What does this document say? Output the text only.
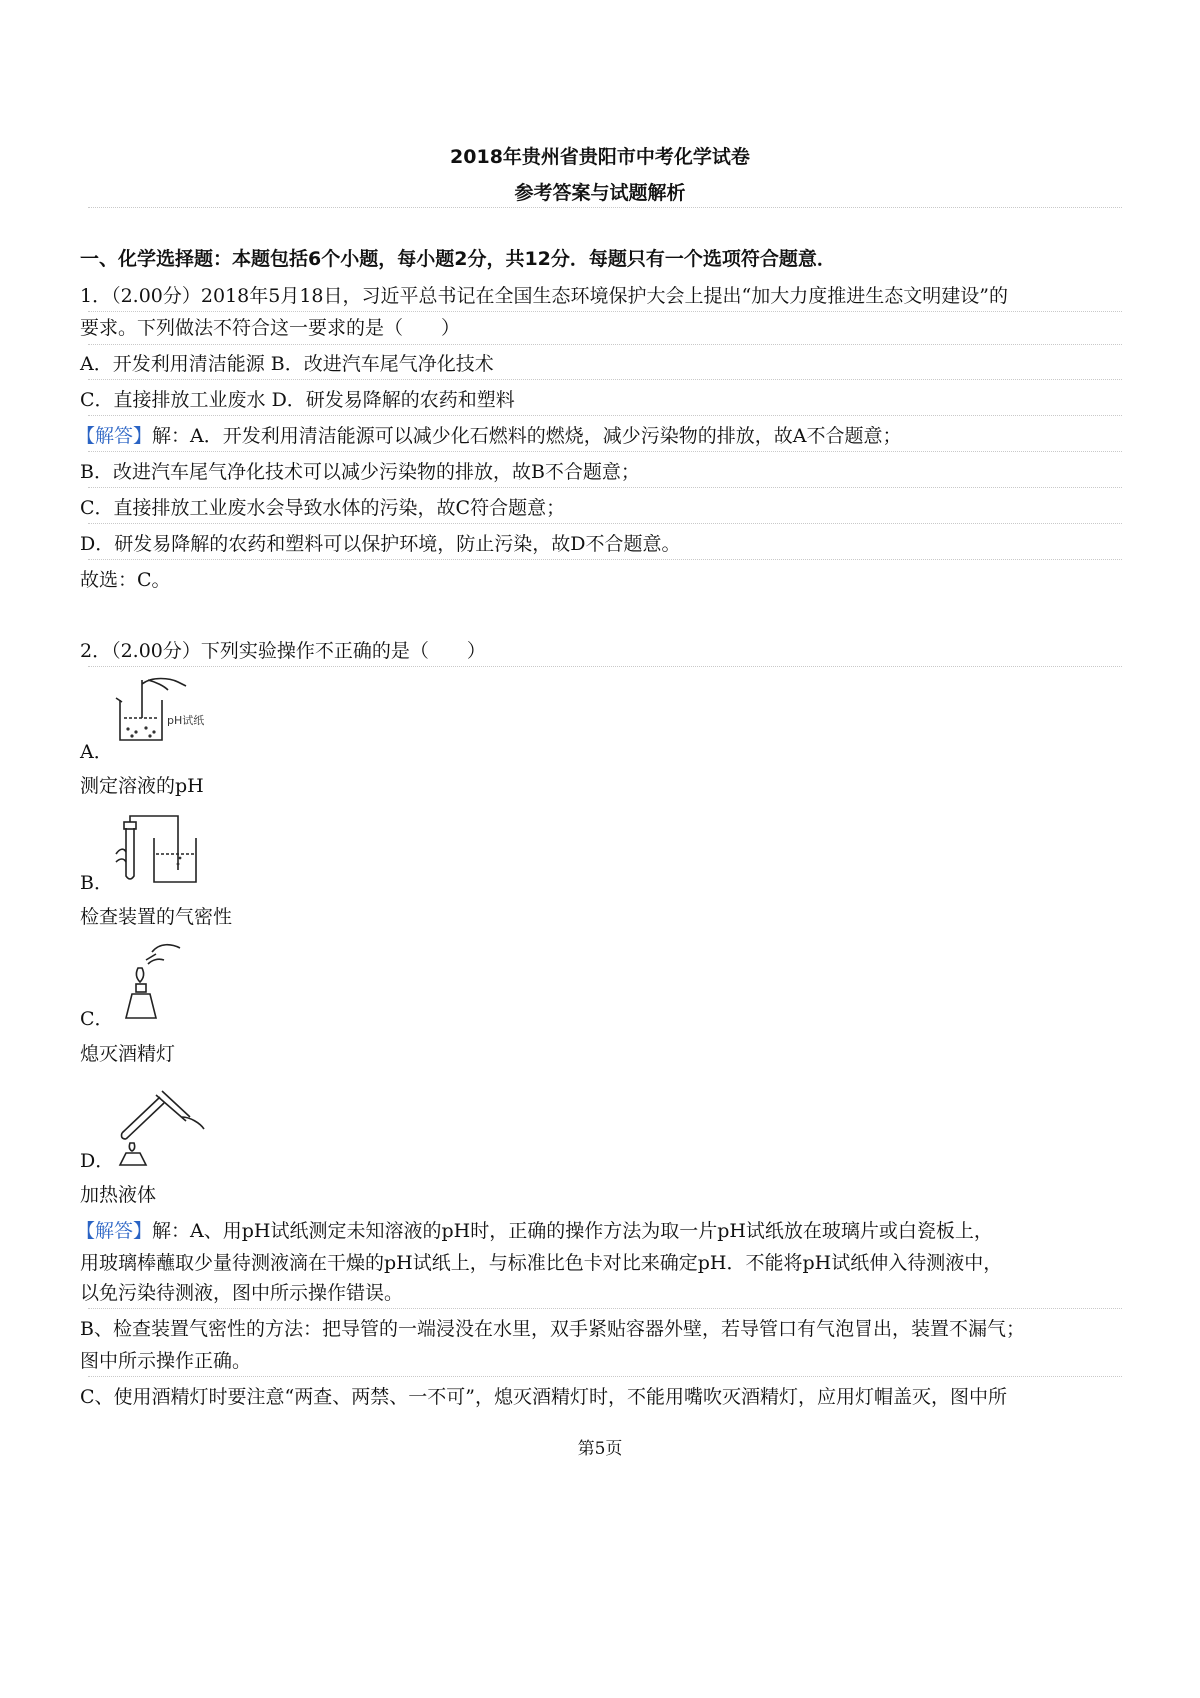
2018年贵州省贵阳市中考化学试卷
参考答案与试题解析
一、化学选择题：本题包括6个小题，每小题2分，共12分．每题只有一个选项符合题意．
1．（2.00分）2018年5月18日，习近平总书记在全国生态环境保护大会上提出“加大力度推进生态文明建设”的
要求。下列做法不符合这一要求的是（　　）
A．开发利用清洁能源 B．改进汽车尾气净化技术
C．直接排放工业废水 D．研发易降解的农药和塑料
【解答】解：A．开发利用清洁能源可以减少化石燃料的燃烧，减少污染物的排放，故A不合题意；
B．改进汽车尾气净化技术可以减少污染物的排放，故B不合题意；
C．直接排放工业废水会导致水体的污染，故C符合题意；
D．研发易降解的农药和塑料可以保护环境，防止污染，故D不合题意。
故选：C。
2．（2.00分）下列实验操作不正确的是（　　）
pH试纸
A．
测定溶液的pH
B．
检查装置的气密性
C．
熄灭酒精灯
D．
加热液体
【解答】解：A、用pH试纸测定未知溶液的pH时，正确的操作方法为取一片pH试纸放在玻璃片或白瓷板上，
用玻璃棒蘸取少量待测液滴在干燥的pH试纸上，与标准比色卡对比来确定pH．不能将pH试纸伸入待测液中，
以免污染待测液，图中所示操作错误。
B、检查装置气密性的方法：把导管的一端浸没在水里，双手紧贴容器外壁，若导管口有气泡冒出，装置不漏气；
图中所示操作正确。
C、使用酒精灯时要注意“两查、两禁、一不可”，熄灭酒精灯时，不能用嘴吹灭酒精灯，应用灯帽盖灭，图中所
第5页
